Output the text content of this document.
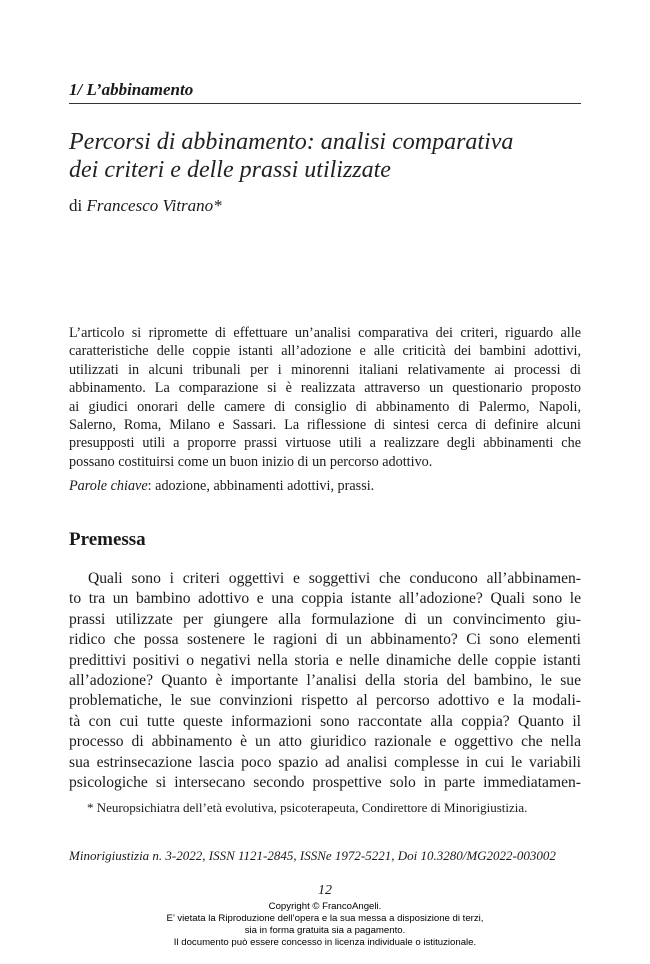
1/ L’abbinamento
Percorsi di abbinamento: analisi comparativa
dei criteri e delle prassi utilizzate
di Francesco Vitrano*
L’articolo si ripromette di effettuare un’analisi comparativa dei criteri, riguardo alle
caratteristiche delle coppie istanti all’adozione e alle criticità dei bambini adottivi,
utilizzati in alcuni tribunali per i minorenni italiani relativamente ai processi di
abbinamento. La comparazione si è realizzata attraverso un questionario proposto
ai giudici onorari delle camere di consiglio di abbinamento di Palermo, Napoli,
Salerno, Roma, Milano e Sassari. La riflessione di sintesi cerca di definire alcuni
presupposti utili a proporre prassi virtuose utili a realizzare degli abbinamenti che
possano costituirsi come un buon inizio di un percorso adottivo.
Parole chiave: adozione, abbinamenti adottivi, prassi.
Premessa
Quali sono i criteri oggettivi e soggettivi che conducono all’abbinamen-
to tra un bambino adottivo e una coppia istante all’adozione? Quali sono le
prassi utilizzate per giungere alla formulazione di un convincimento giu-
ridico che possa sostenere le ragioni di un abbinamento? Ci sono elementi
predittivi positivi o negativi nella storia e nelle dinamiche delle coppie istanti
all’adozione? Quanto è importante l’analisi della storia del bambino, le sue
problematiche, le sue convinzioni rispetto al percorso adottivo e la modali-
tà con cui tutte queste informazioni sono raccontate alla coppia? Quanto il
processo di abbinamento è un atto giuridico razionale e oggettivo che nella
sua estrinsecazione lascia poco spazio ad analisi complesse in cui le variabili
psicologiche si intersecano secondo prospettive solo in parte immediatamen-
* Neuropsichiatra dell’età evolutiva, psicoterapeuta, Condirettore di Minorigiustizia.
Minorigiustizia n. 3-2022, ISSN 1121-2845, ISSNe 1972-5221, Doi 10.3280/MG2022-003002
12
Copyright © FrancoAngeli.
E’ vietata la Riproduzione dell’opera e la sua messa a disposizione di terzi,
sia in forma gratuita sia a pagamento.
Il documento può essere concesso in licenza individuale o istituzionale.
